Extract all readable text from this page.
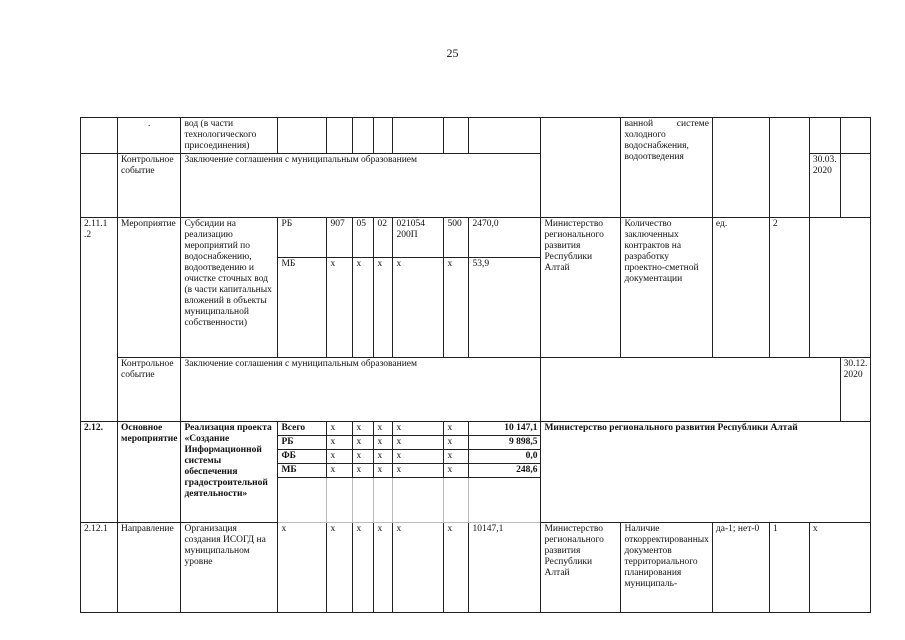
25
	.	вод (в части технологического присоединения)									ванной системе холодного водоснабжения, водоотведения				
	Контрольное событие	Заключение соглашения с муниципальным образованием												30.03. 2020	
2.11.1 .2	Мероприятие	Субсидии на реализацию мероприятий по водоснабжению, водоотведению и очистке сточных вод (в части капитальных вложений в объекты муниципальной собственности)	РБ	907	05	02	021054 200П	500	2470,0	Министерство регионального развития Республики Алтай	Количество заключенных контрактов на разработку проектно-сметной документации	ед.	2		
			МБ	х	х	х	х	х	53,9						
	Контрольное событие	Заключение соглашения с муниципальным образованием													30.12. 2020
2.12.	Основное мероприятие	Реализация проекта «Создание Информационной системы обеспечения градостроительной деятельности»	Всего	х	х	х	х	х	10 147,1	Министерство регионального развития Республики Алтай					
			РБ	х	х	х	х	х	9 898,5						
			ФБ	х	х	х	х	х	0,0						
			МБ	х	х	х	х	х	248,6						

2.12.1	Направление	Организация создания ИСОГД на муниципальном уровне	х	х	х	х	х	х	10147,1	Министерство регионального развития Республики Алтай	Наличие откорректированных документов территориального планирования муниципаль-	да-1; нет-0	1	х	
